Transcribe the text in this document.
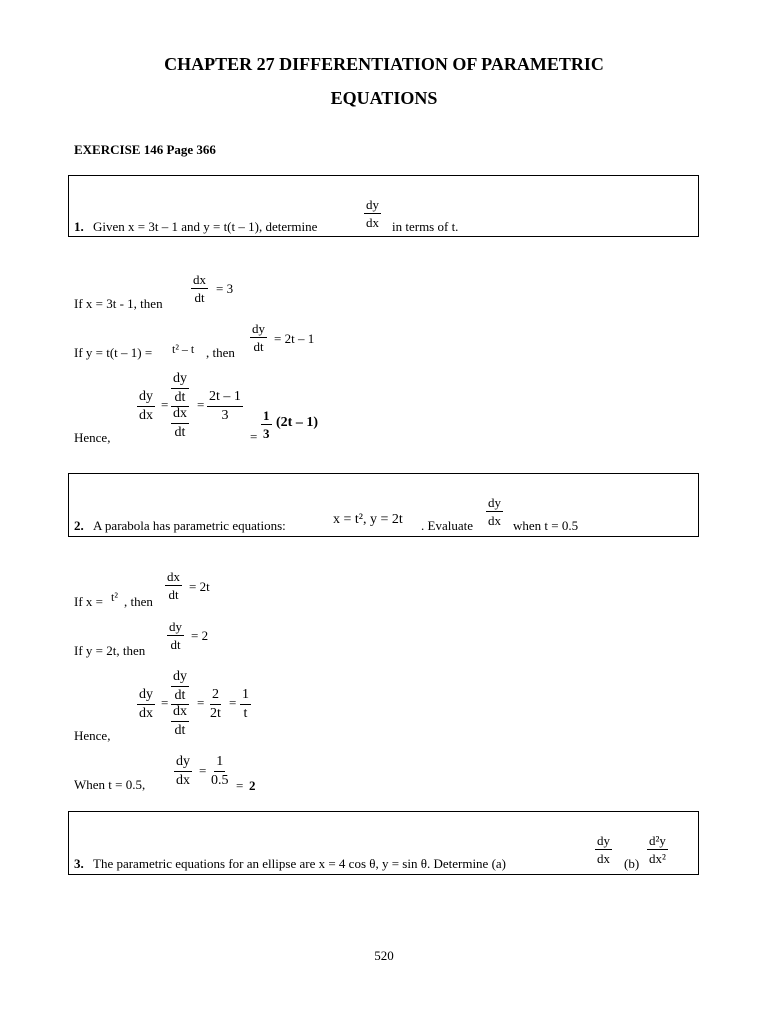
CHAPTER 27 DIFFERENTIATION OF PARAMETRIC
EQUATIONS
EXERCISE 146 Page 366
1. Given x = 3t – 1 and y = t(t – 1), determine	$\frac{dy}{dx}$ in terms of t.
If x = 3t - 1, then $\frac{dx}{dt} = 3$
If y = t(t – 1) = t² – t , then $\frac{dy}{dt} = 2t - 1$
Hence,
$\frac{dy}{dx} = \frac{dy}{dt}$
$\frac{dx}{dt}$
= $\frac{2t - 1}{3}$
= $\frac{1}{3} (2t - 1)$
2. A parabola has parametric equations:	x = t², y = 2t . Evaluate $\frac{dy}{dx}$ when t = 0.5
If x = t² , then
$\frac{dx}{dt} = 2t$
If y = 2t, then $\frac{dy}{dt} = 2$
Hence,
$\frac{dy}{dx} = \frac{dy}{dt}$
$\frac{dx}{dt}$
= $\frac{2}{2t} = \frac{1}{t}$
When t = 0.5, $\frac{dy}{dx} = \frac{1}{0.5} = 2$
3. The parametric equations for an ellipse are x = 4 cos θ, y = sin θ. Determine (a)	$\frac{dy}{dx} (b) \frac{\text{d²y}}{\text{dx²}}$
520
